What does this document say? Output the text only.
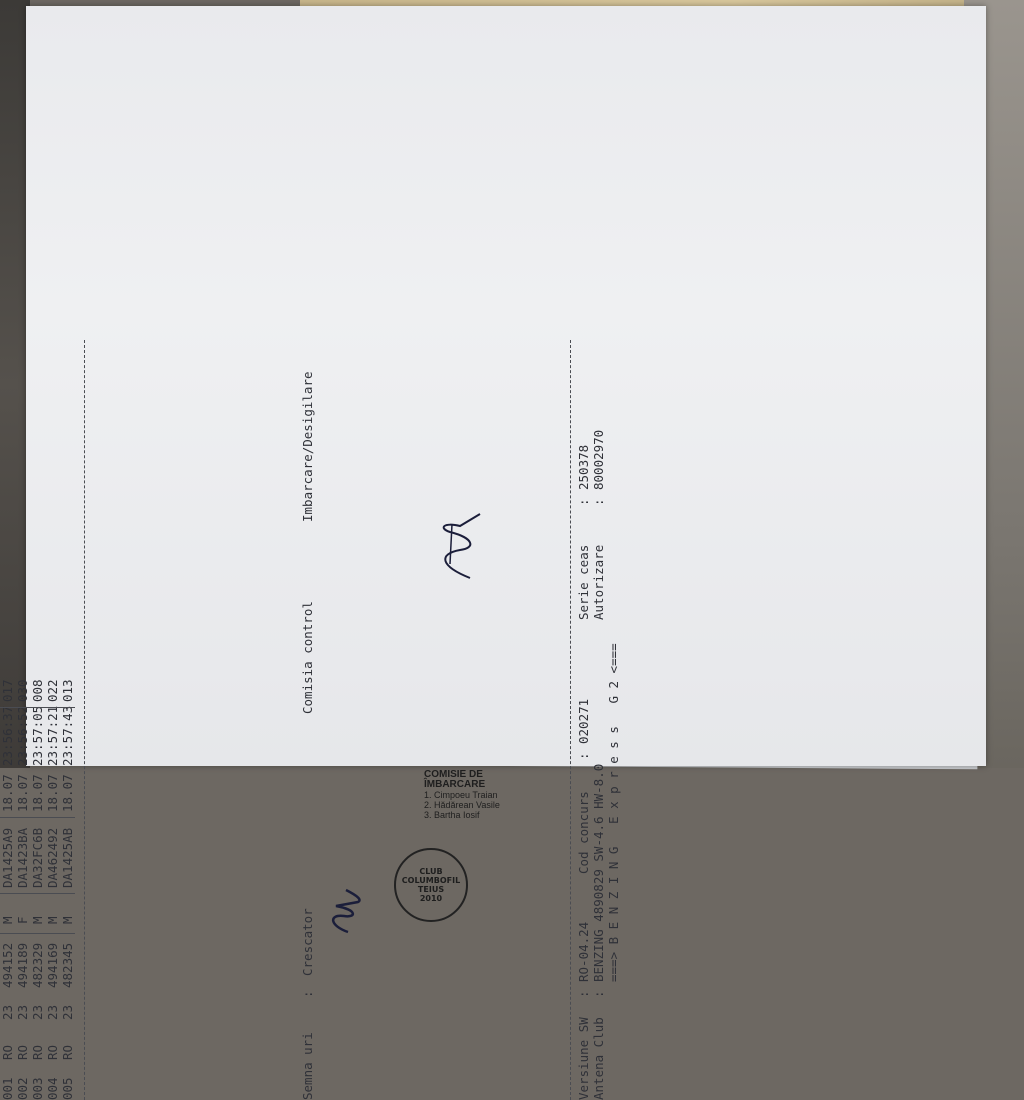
001
RO
23
494152
M
DA1425A9
18.07
23:56:37
017
002
RO
23
494189
F
DA1423BA
18.07
23:56:52
030
003
RO
23
482329
M
DA32FC6B
18.07
23:57:05
008
004
RO
23
494169
M
DA462492
18.07
23:57:21
022
005
RO
23
482345
M
DA1425AB
18.07
23:57:43
013
Semna uri
:
Crescator
Comisia control
Imbarcare/Desigilare
CLUB
COLUMBOFIL
TEIUS
2010
COMISIE DE ÎMBARCARE
1. Cimpoeu Traian
2. Hădărean Vasile
3. Bartha Iosif
Versiune SW
:
RO-04.24
Cod concurs
:
020271
Serie ceas
:
250378
Antena Club
:
BENZING 4890829 SW-4.6 HW-8.0
Autorizare
:
80002970
===> B E N Z I N G   E x p r e s s   G 2 <===
